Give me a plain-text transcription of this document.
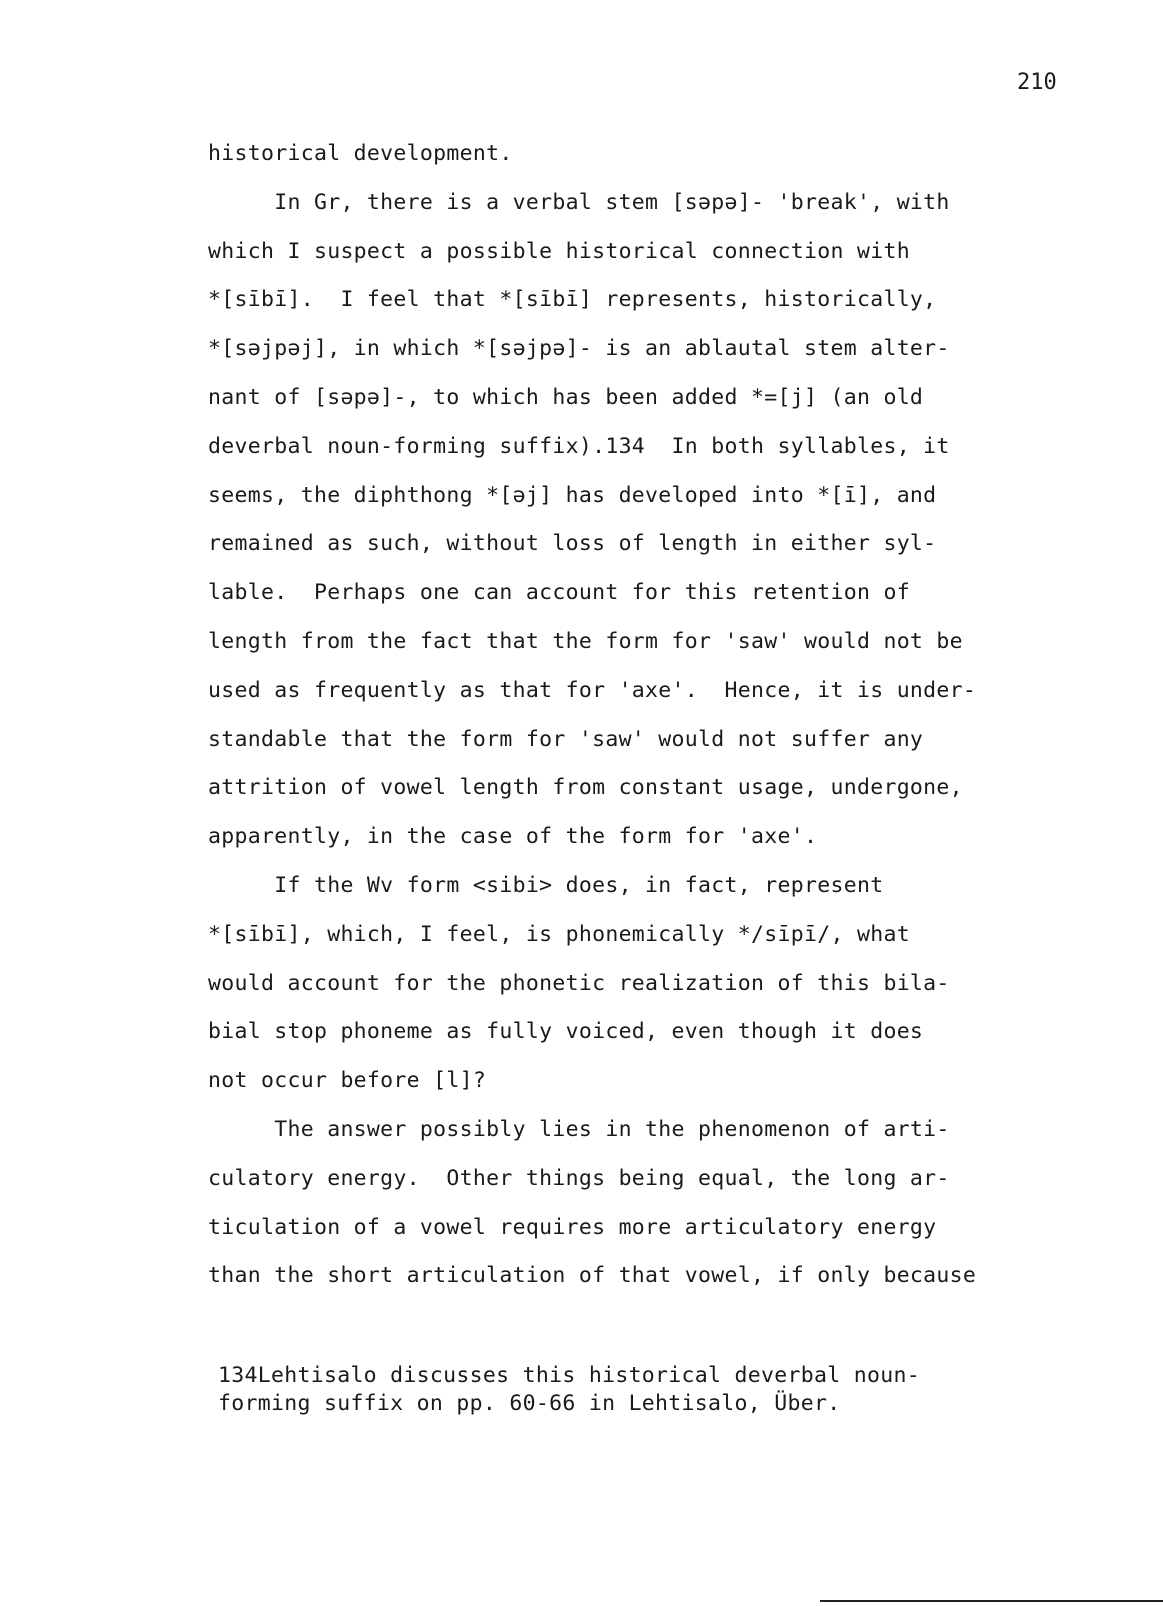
210
historical development.
In Gr, there is a verbal stem [səpə]- 'break', with
which I suspect a possible historical connection with
*[sībī].  I feel that *[sībī] represents, historically,
*[səjpəj], in which *[səjpə]- is an ablautal stem alter-
nant of [səpə]-, to which has been added *=[j] (an old
deverbal noun-forming suffix).134  In both syllables, it
seems, the diphthong *[əj] has developed into *[ī], and
remained as such, without loss of length in either syl-
lable.  Perhaps one can account for this retention of
length from the fact that the form for 'saw' would not be
used as frequently as that for 'axe'.  Hence, it is under-
standable that the form for 'saw' would not suffer any
attrition of vowel length from constant usage, undergone,
apparently, in the case of the form for 'axe'.
If the Wv form <sibi> does, in fact, represent
*[sībī], which, I feel, is phonemically */sīpī/, what
would account for the phonetic realization of this bila-
bial stop phoneme as fully voiced, even though it does
not occur before [l]?
The answer possibly lies in the phenomenon of arti-
culatory energy.  Other things being equal, the long ar-
ticulation of a vowel requires more articulatory energy
than the short articulation of that vowel, if only because
134Lehtisalo discusses this historical deverbal noun-
forming suffix on pp. 60-66 in Lehtisalo, Über.
